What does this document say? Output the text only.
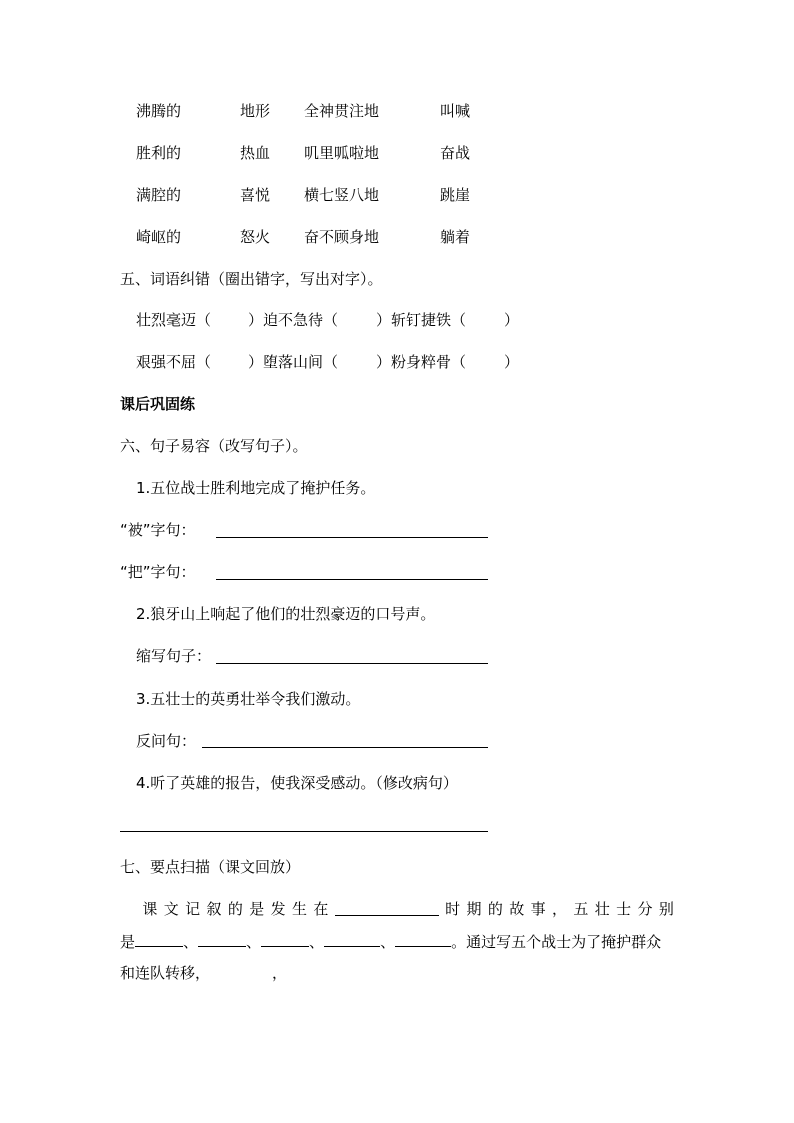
沸腾的	地形 全神贯注地	叫喊
胜利的	热血 叽里呱啦地	奋战
满腔的	喜悦 横七竖八地	跳崖
崎岖的	怒火 奋不顾身地	躺着
五、词语纠错（圈出错字，写出对字）。
壮烈毫迈（ ）迫不急待（	）斩钉捷铁（	）
艰强不屈（ ）堕落山间（	）粉身粹骨（	）
课后巩固练
六、句子易容（改写句子）。
1.五位战士胜利地完成了掩护任务。
“被”字句：
“把”字句：
2.狼牙山上响起了他们的壮烈豪迈的口号声。
缩写句子：
3.五壮士的英勇壮举令我们激动。
反问句：
4.听了英雄的报告，使我深受感动。（修改病句）
七、要点扫描（课文回放）
课 文 记 叙 的 是 发 生 在	时 期 的 故 事 ， 五 壮 士 分 别
是	、	、	、	、	。通过写五个战士为了掩护群众
和连队转移，	，
